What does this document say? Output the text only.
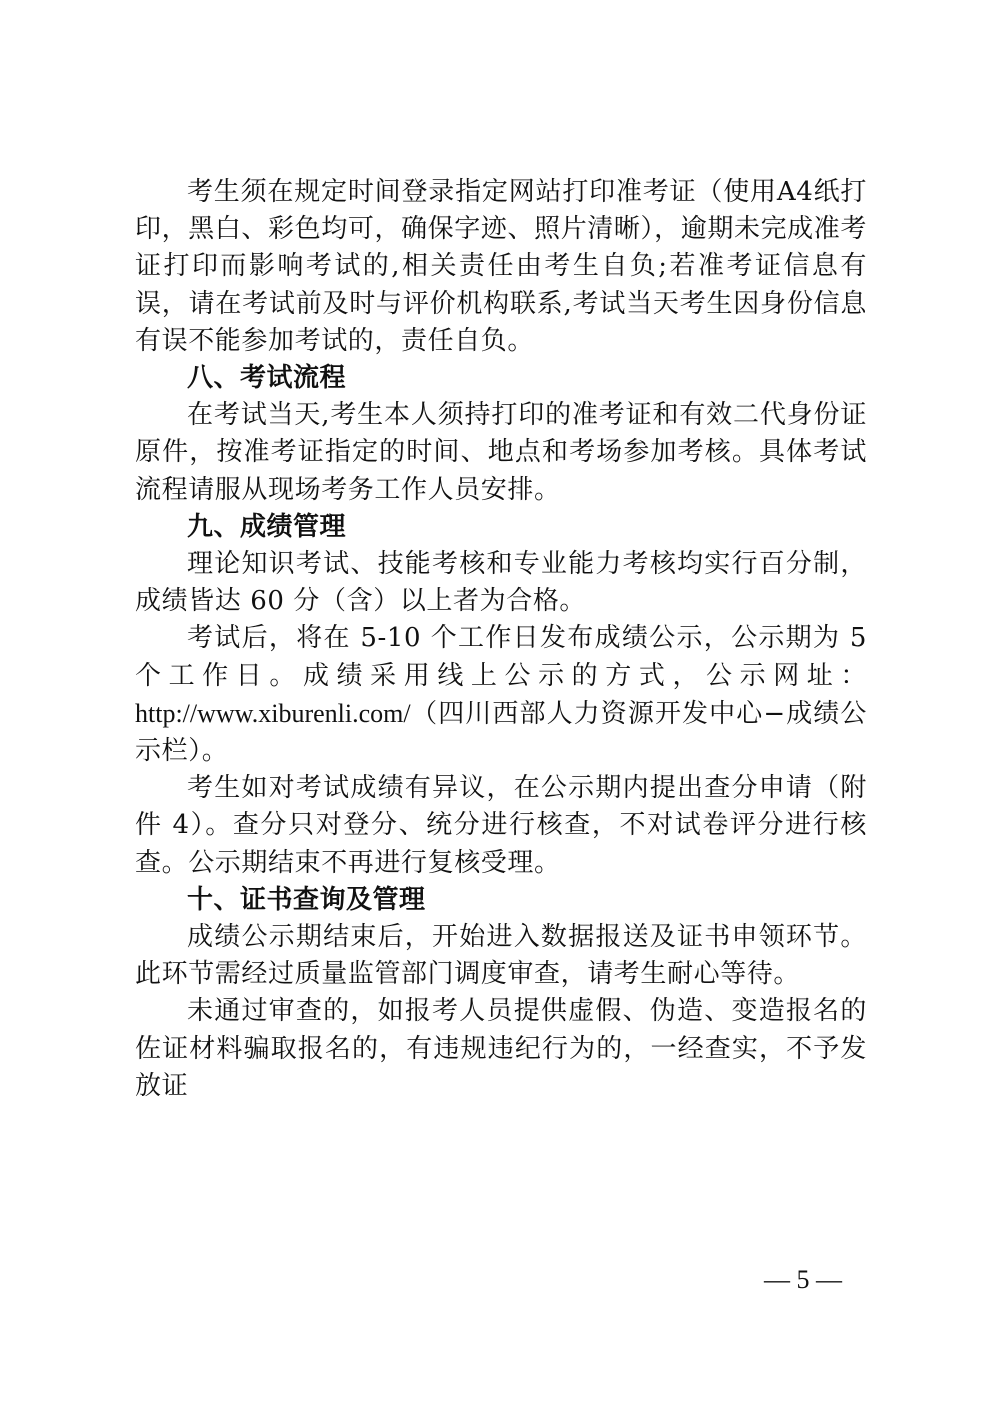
考生须在规定时间登录指定网站打印准考证（使用A4纸打印，黑白、彩色均可，确保字迹、照片清晰），逾期未完成准考证打印而影响考试的,相关责任由考生自负;若准考证信息有误，请在考试前及时与评价机构联系,考试当天考生因身份信息有误不能参加考试的，责任自负。

八、考试流程

在考试当天,考生本人须持打印的准考证和有效二代身份证原件，按准考证指定的时间、地点和考场参加考核。具体考试流程请服从现场考务工作人员安排。

九、成绩管理

理论知识考试、技能考核和专业能力考核均实行百分制，成绩皆达 60 分（含）以上者为合格。

考试后，将在 5-10 个工作日发布成绩公示，公示期为 5 个工作日。成绩采用线上公示的方式，公示网址：http://www.xiburenli.com/（四川西部人力资源开发中心−成绩公示栏）。

考生如对考试成绩有异议，在公示期内提出查分申请（附件 4）。查分只对登分、统分进行核查，不对试卷评分进行核查。公示期结束不再进行复核受理。

十、证书查询及管理

成绩公示期结束后，开始进入数据报送及证书申领环节。此环节需经过质量监管部门调度审查，请考生耐心等待。

未通过审查的，如报考人员提供虚假、伪造、变造报名的佐证材料骗取报名的，有违规违纪行为的，一经查实，不予发放证

— 5 —
